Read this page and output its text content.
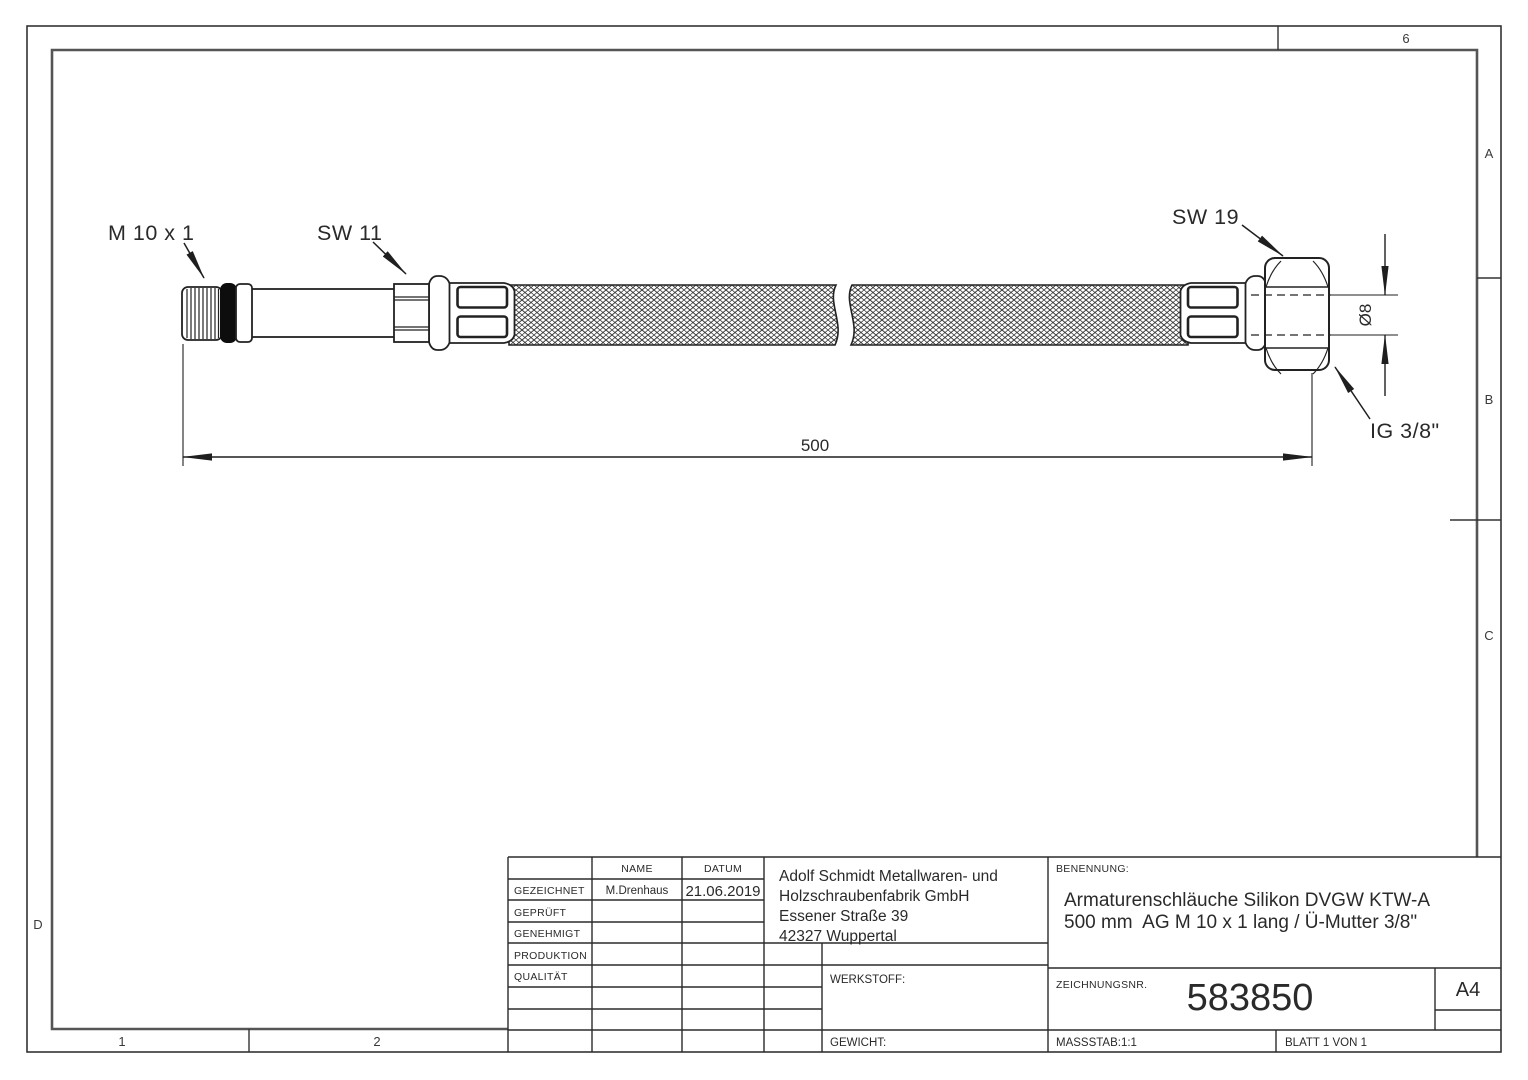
6
A
B
C
D
1	2
500
Ø8
M 10 x 1	SW 11
SW 19
IG 3/8"
NAME	DATUM
GEZEICHNET M.Drenhaus 21.06.2019
GEPRÜFT
GENEHMIGT
PRODUKTION
QUALITÄT
Adolf Schmidt Metallwaren- und
Holzschraubenfabrik GmbH
Essener Straße 39
42327 Wuppertal
BENENNUNG:
Armaturenschläuche Silikon DVGW KTW-A
500 mm  AG M 10 x 1 lang / Ü-Mutter 3/8"
WERKSTOFF:
GEWICHT:
ZEICHNUNGSNR. 583850	A4
MASSSTAB:1:1	BLATT 1 VON 1
